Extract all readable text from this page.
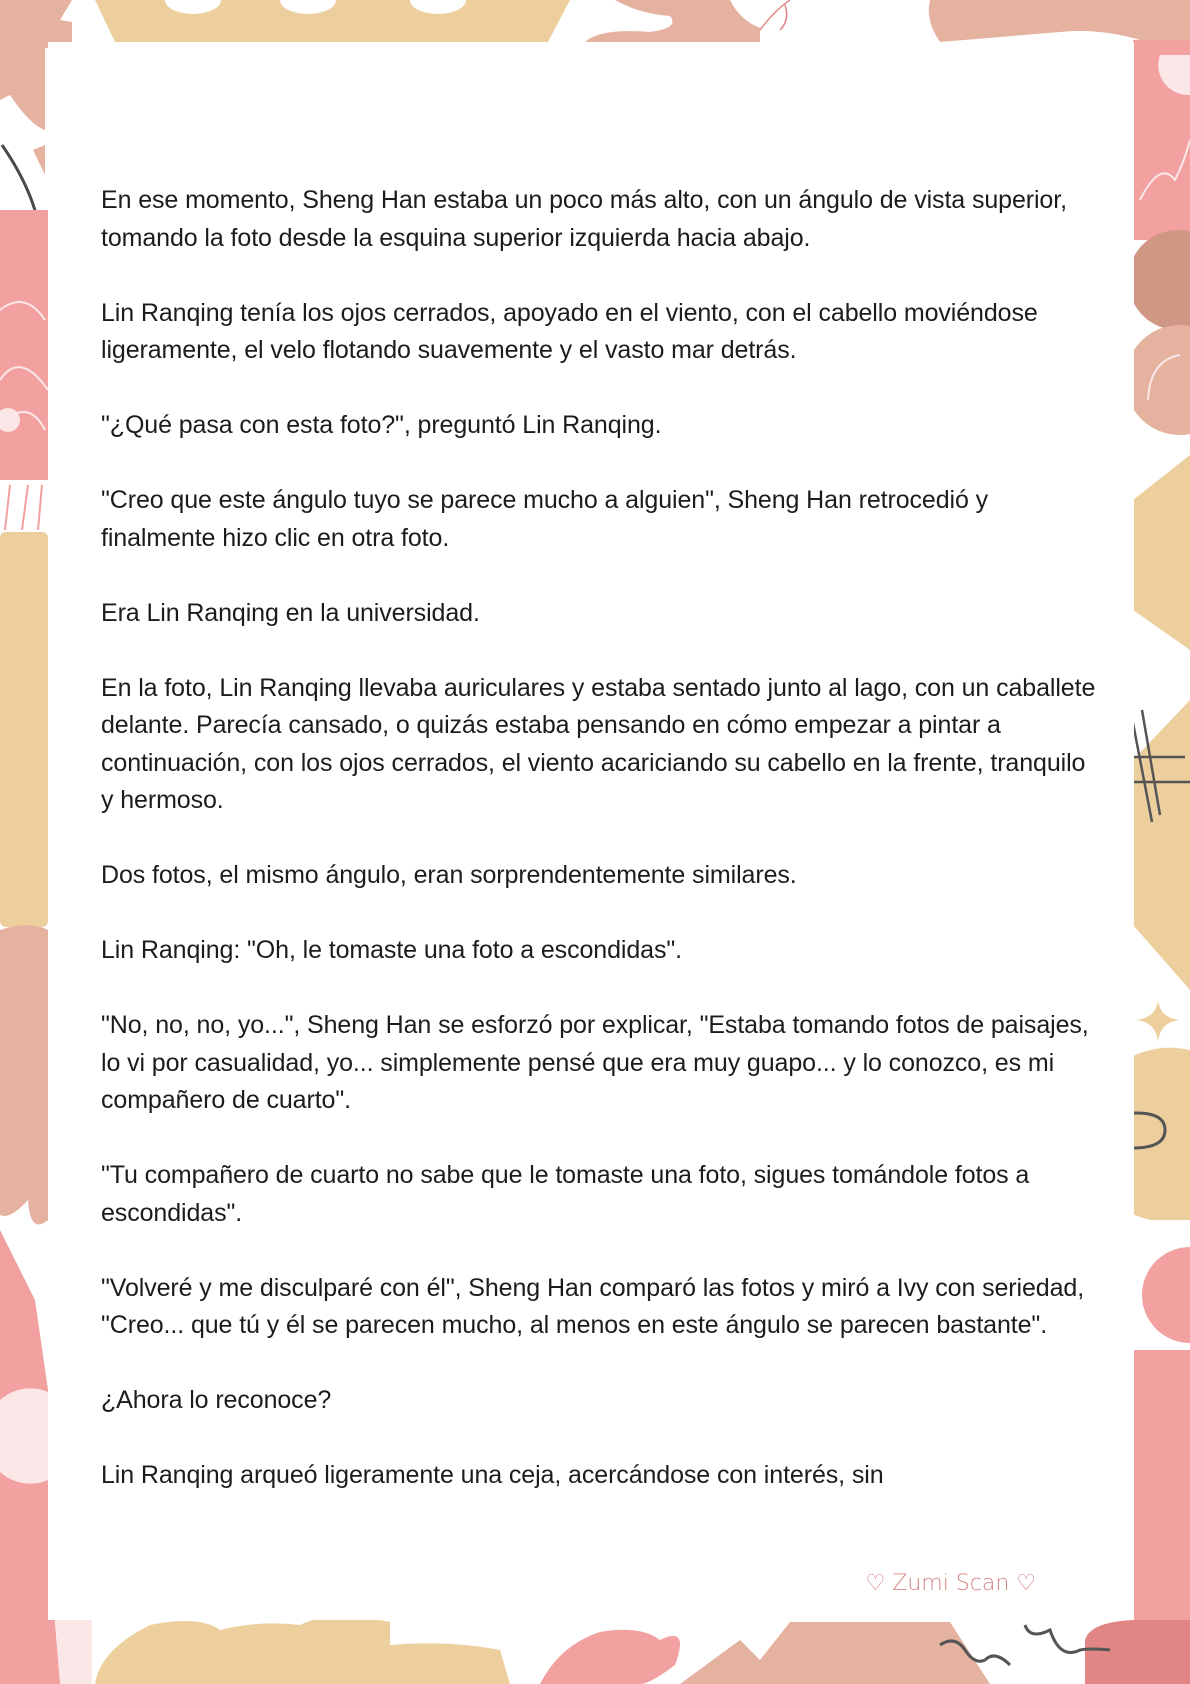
En ese momento, Sheng Han estaba un poco más alto, con un ángulo de vista superior, tomando la foto desde la esquina superior izquierda hacia abajo.

Lin Ranqing tenía los ojos cerrados, apoyado en el viento, con el cabello moviéndose ligeramente, el velo flotando suavemente y el vasto mar detrás.

"¿Qué pasa con esta foto?", preguntó Lin Ranqing.

"Creo que este ángulo tuyo se parece mucho a alguien", Sheng Han retrocedió y finalmente hizo clic en otra foto.

Era Lin Ranqing en la universidad.

En la foto, Lin Ranqing llevaba auriculares y estaba sentado junto al lago, con un caballete delante. Parecía cansado, o quizás estaba pensando en cómo empezar a pintar a continuación, con los ojos cerrados, el viento acariciando su cabello en la frente, tranquilo y hermoso.

Dos fotos, el mismo ángulo, eran sorprendentemente similares.

Lin Ranqing: "Oh, le tomaste una foto a escondidas".

"No, no, no, yo...", Sheng Han se esforzó por explicar, "Estaba tomando fotos de paisajes, lo vi por casualidad, yo... simplemente pensé que era muy guapo... y lo conozco, es mi compañero de cuarto".

"Tu compañero de cuarto no sabe que le tomaste una foto, sigues tomándole fotos a escondidas".

"Volveré y me disculparé con él", Sheng Han comparó las fotos y miró a Ivy con seriedad, "Creo... que tú y él se parecen mucho, al menos en este ángulo se parecen bastante".

¿Ahora lo reconoce?

Lin Ranqing arqueó ligeramente una ceja, acercándose con interés, sin

♡ Zumi Scan ♡
